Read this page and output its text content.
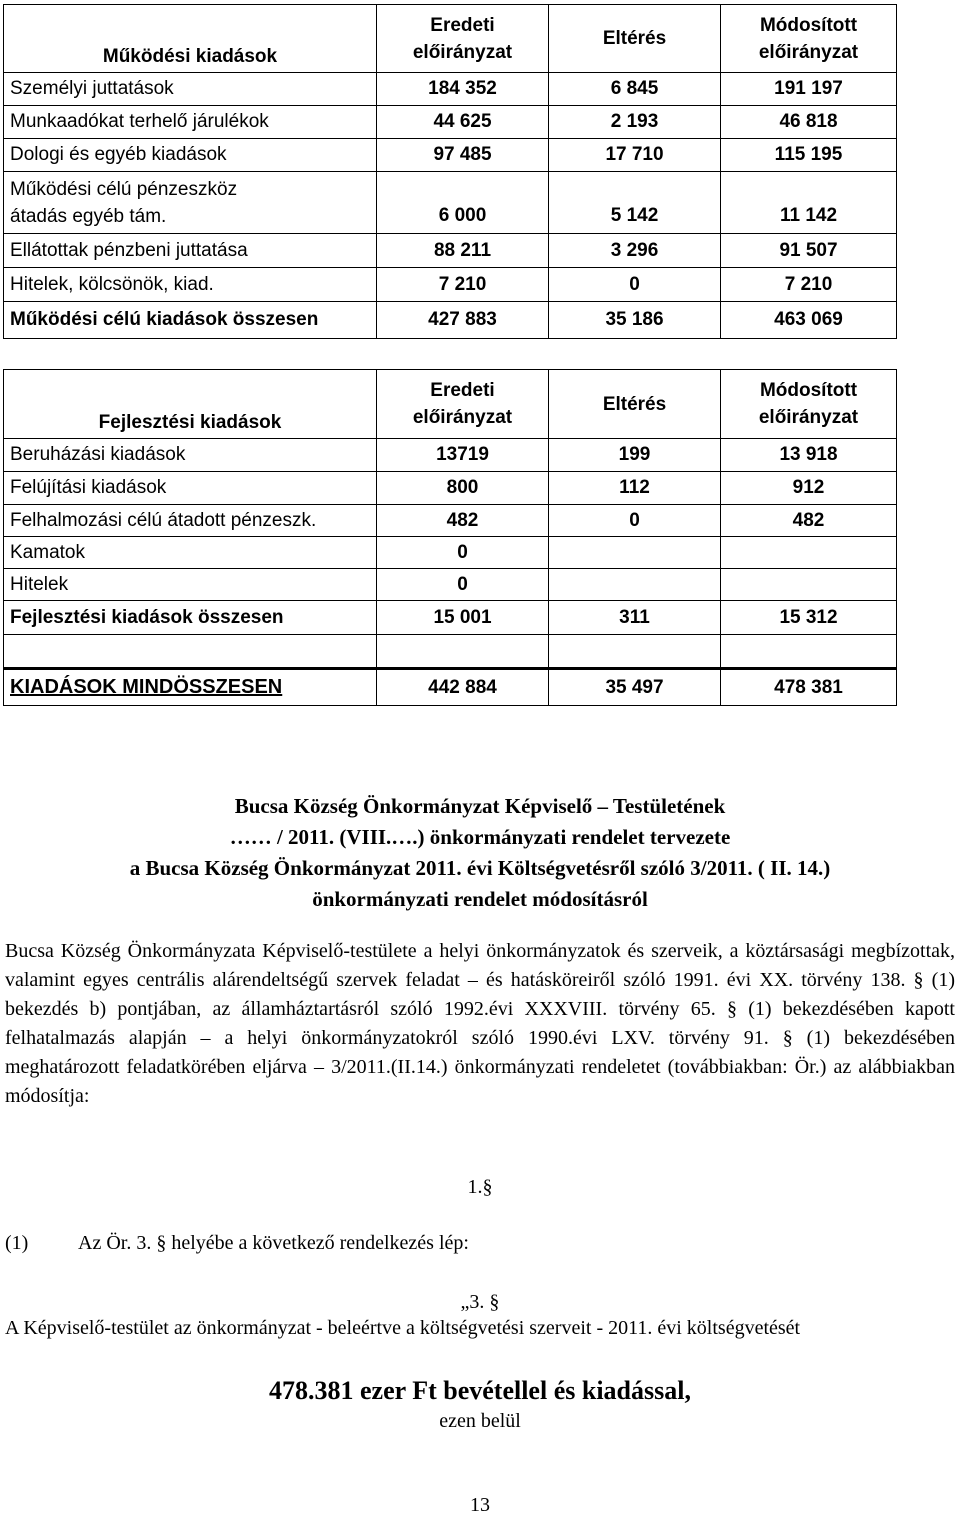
Működési kiadások	Eredeti előirányzat	Eltérés	Módosított előirányzat
Személyi juttatások	184 352	6 845	191 197
Munkaadókat terhelő járulékok	44 625	2 193	46 818
Dologi és egyéb kiadások	97 485	17 710	115 195
Működési célú pénzeszköz átadás egyéb tám.	6 000	5 142	11 142
Ellátottak pénzbeni juttatása	88 211	3 296	91 507
Hitelek, kölcsönök, kiad.	7 210	0	7 210
Működési célú kiadások összesen	427 883	35 186	463 069
Fejlesztési kiadások	Eredeti előirányzat	Eltérés	Módosított előirányzat
Beruházási kiadások	13719	199	13 918
Felújítási kiadások	800	112	912
Felhalmozási célú átadott pénzeszk.	482	0	482
Kamatok	0		
Hitelek	0		
Fejlesztési kiadások összesen	15 001	311	15 312

KIADÁSOK MINDÖSSZESEN	442 884	35 497	478 381
Bucsa Község Önkormányzat Képviselő – Testületének
…… / 2011. (VIII.….) önkormányzati rendelet tervezete
a Bucsa Község Önkormányzat 2011. évi Költségvetésről szóló 3/2011. ( II. 14.)
önkormányzati rendelet módosításról
Bucsa Község Önkormányzata Képviselő-testülete a helyi önkormányzatok és szerveik, a köztársasági megbízottak, valamint egyes centrális alárendeltségű szervek feladat – és hatásköreiről szóló 1991. évi XX. törvény 138. § (1) bekezdés b) pontjában, az államháztartásról szóló 1992.évi XXXVIII. törvény 65. § (1) bekezdésében kapott felhatalmazás alapján – a helyi önkormányzatokról szóló 1990.évi LXV. törvény 91. § (1) bekezdésében meghatározott feladatkörében eljárva – 3/2011.(II.14.) önkormányzati rendeletet (továbbiakban: Ör.) az alábbiakban módosítja:
1.§
(1) Az Ör. 3. § helyébe a következő rendelkezés lép:
„3. §
A Képviselő-testület az önkormányzat - beleértve a költségvetési szerveit - 2011. évi költségvetését
478.381 ezer Ft bevétellel és kiadással,
ezen belül
13
